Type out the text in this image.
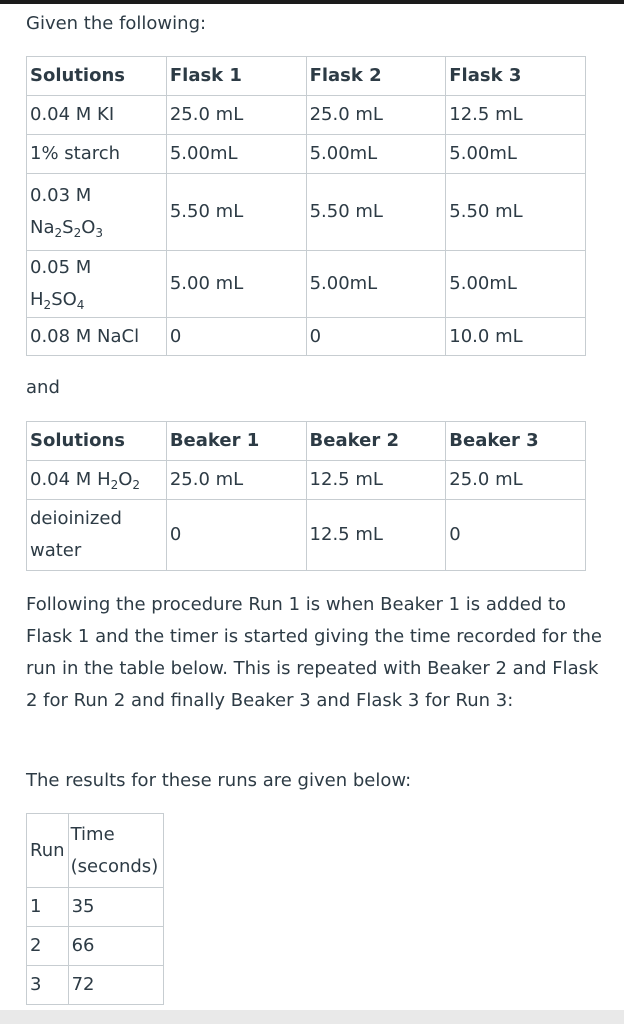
Given the following:

Solutions	Flask 1	Flask 2	Flask 3
0.04 M KI	25.0 mL	25.0 mL	12.5 mL
1% starch	5.00mL	5.00mL	5.00mL

0.03 M
$Na_2S_2O_3$	5.50 mL	5.50 mL	5.50 mL

0.05 M
$H_2SO_4$	5.00 mL	5.00mL	5.00mL
0.08 M NaCl	0	0	10.0 mL

and

Solutions	Beaker 1	Beaker 2	Beaker 3
0.04 M $H_2O_2$	25.0 mL	12.5 mL	25.0 mL

deioinized
water	0	12.5 mL	0

Following the procedure Run 1 is when Beaker 1 is added to Flask 1 and the timer is started giving the time recorded for the run in the table below. This is repeated with Beaker 2 and Flask 2 for Run 2 and finally Beaker 3 and Flask 3 for Run 3:

The results for these runs are given below:

Run	Time
(seconds)

1	35
2	66
3	72
